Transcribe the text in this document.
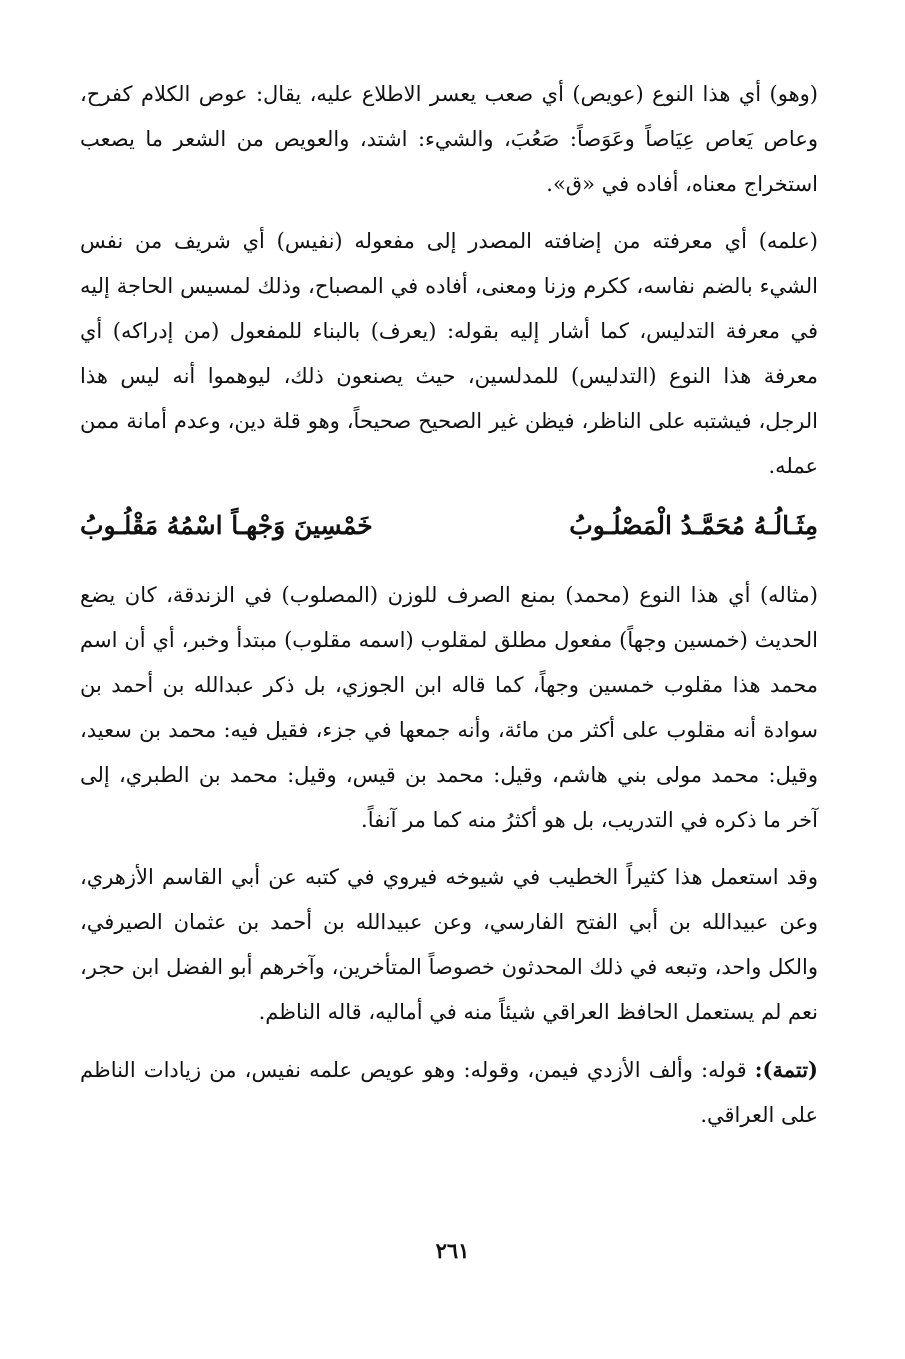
(وهو) أي هذا النوع (عويص) أي صعب يعسر الاطلاع عليه، يقال: عوص الكلام كفرح، وعاص يَعاص عِيَاصاً وعَوَصاً: صَعُبَ، والشيء: اشتد، والعويص من الشعر ما يصعب استخراج معناه، أفاده في «ق».

(علمه) أي معرفته من إضافته المصدر إلى مفعوله (نفيس) أي شريف من نفس الشيء بالضم نفاسه، ككرم وزنا ومعنى، أفاده في المصباح، وذلك لمسيس الحاجة إليه في معرفة التدليس، كما أشار إليه بقوله: (يعرف) بالبناء للمفعول (من إدراكه) أي معرفة هذا النوع (التدليس) للمدلسين، حيث يصنعون ذلك، ليوهموا أنه ليس هذا الرجل، فيشتبه على الناظر، فيظن غير الصحيح صحيحاً، وهو قلة دين، وعدم أمانة ممن عمله.

مِثَـالُـهُ مُحَمَّـدُ الْمَصْلُـوبُ
خَمْسِينَ وَجْهـاً اسْمُهُ مَقْلُـوبُ

(مثاله) أي هذا النوع (محمد) بمنع الصرف للوزن (المصلوب) في الزندقة، كان يضع الحديث (خمسين وجهاً) مفعول مطلق لمقلوب (اسمه مقلوب) مبتدأ وخبر، أي أن اسم محمد هذا مقلوب خمسين وجهاً، كما قاله ابن الجوزي، بل ذكر عبدالله بن أحمد بن سوادة أنه مقلوب على أكثر من مائة، وأنه جمعها في جزء، فقيل فيه: محمد بن سعيد، وقيل: محمد مولى بني هاشم، وقيل: محمد بن قيس، وقيل: محمد بن الطبري، إلى آخر ما ذكره في التدريب، بل هو أكثرُ منه كما مر آنفاً.

وقد استعمل هذا كثيراً الخطيب في شيوخه فيروي في كتبه عن أبي القاسم الأزهري، وعن عبيدالله بن أبي الفتح الفارسي، وعن عبيدالله بن أحمد بن عثمان الصيرفي، والكل واحد، وتبعه في ذلك المحدثون خصوصاً المتأخرين، وآخرهم أبو الفضل ابن حجر، نعم لم يستعمل الحافظ العراقي شيئاً منه في أماليه، قاله الناظم.

(تتمة): قوله: وألف الأزدي فيمن، وقوله: وهو عويص علمه نفيس، من زيادات الناظم على العراقي.

٢٦١
